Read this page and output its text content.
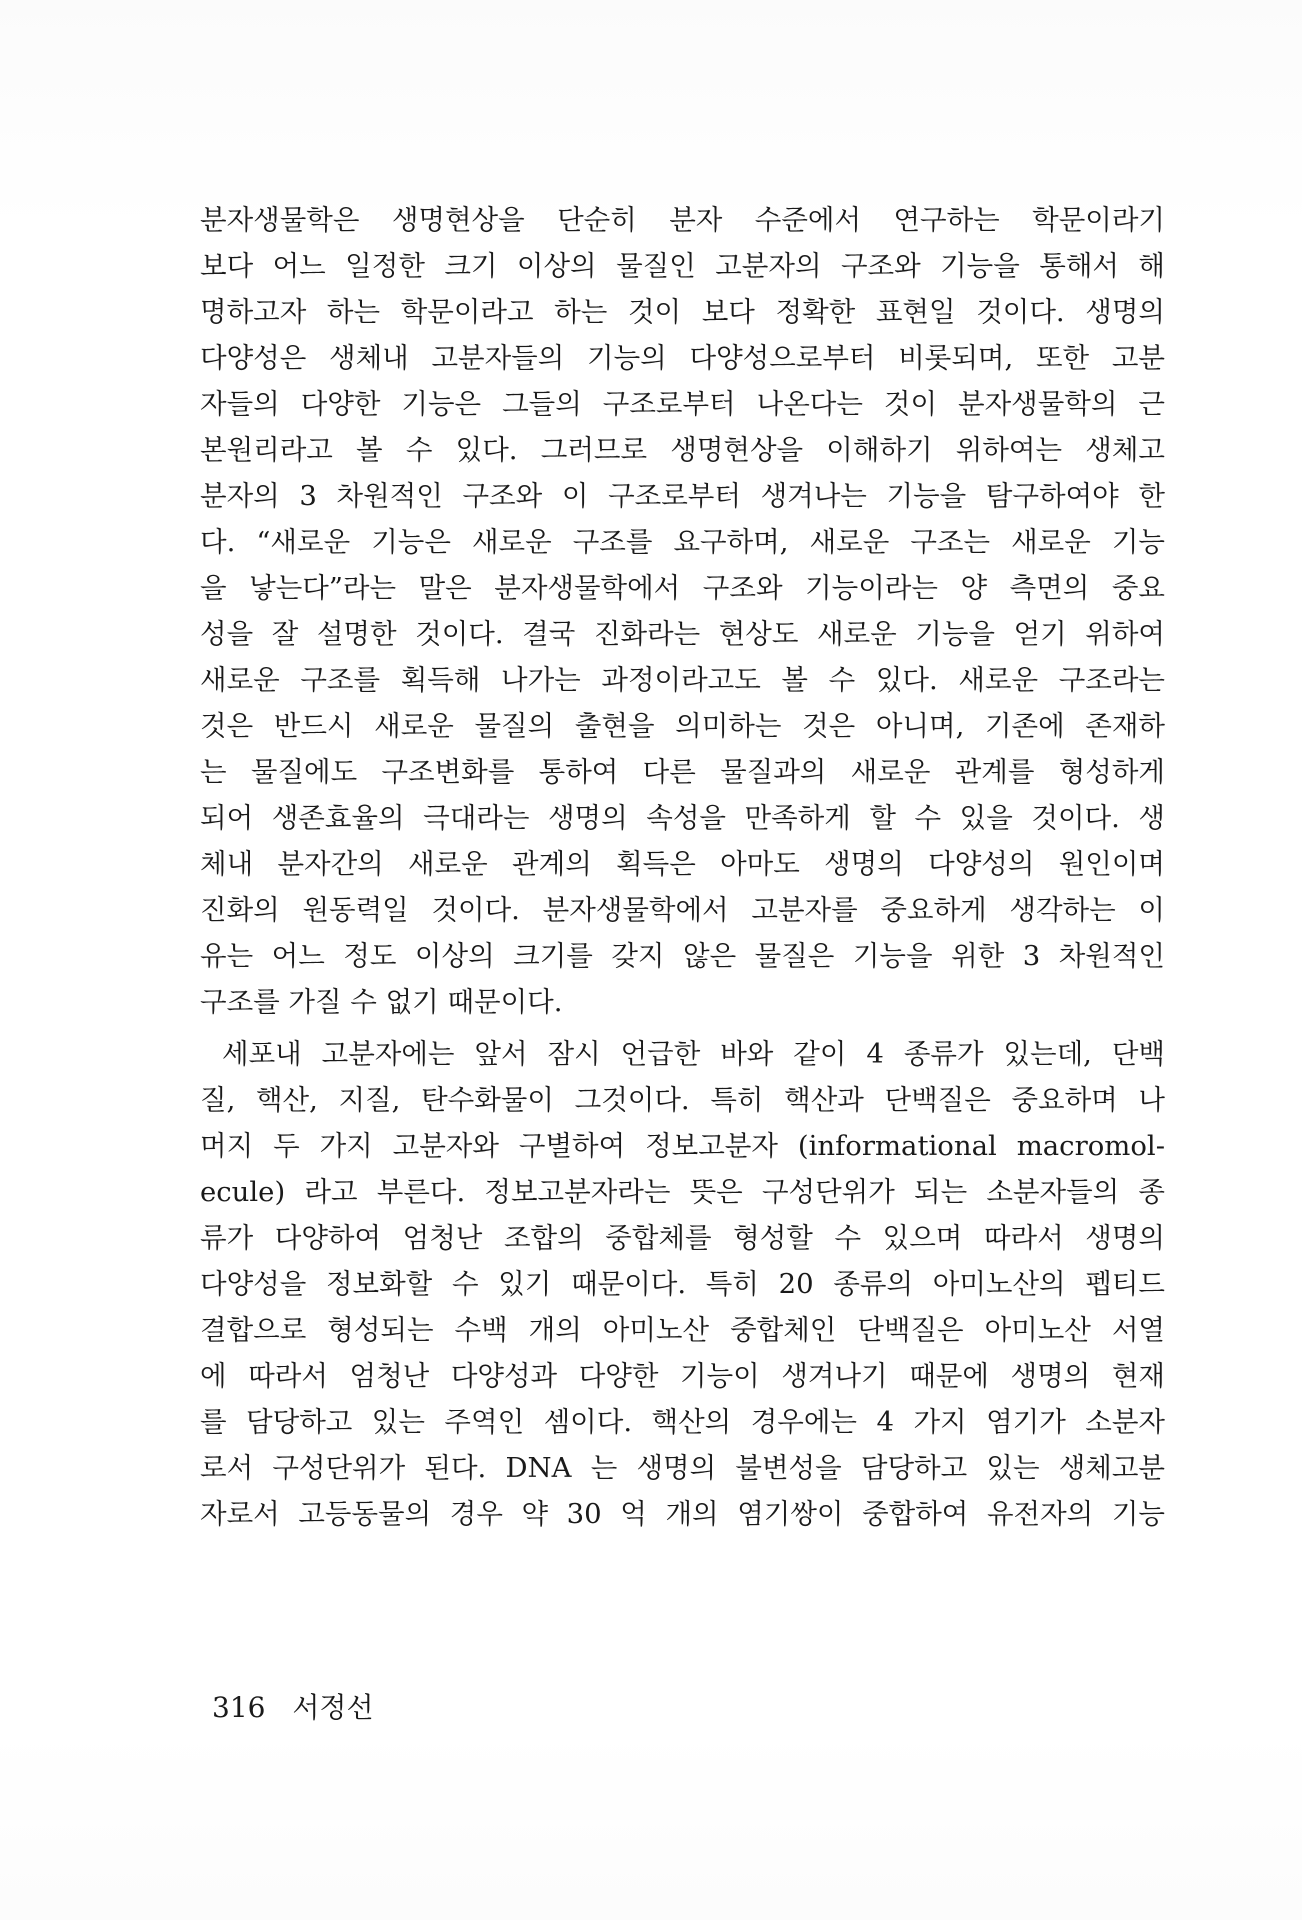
분자생물학은 생명현상을 단순히 분자 수준에서 연구하는 학문이라기
보다 어느 일정한 크기 이상의 물질인 고분자의 구조와 기능을 통해서 해
명하고자 하는 학문이라고 하는 것이 보다 정확한 표현일 것이다. 생명의
다양성은 생체내 고분자들의 기능의 다양성으로부터 비롯되며, 또한 고분
자들의 다양한 기능은 그들의 구조로부터 나온다는 것이 분자생물학의 근
본원리라고 볼 수 있다. 그러므로 생명현상을 이해하기 위하여는 생체고
분자의 3 차원적인 구조와 이 구조로부터 생겨나는 기능을 탐구하여야 한
다. “새로운 기능은 새로운 구조를 요구하며, 새로운 구조는 새로운 기능
을 낳는다”라는 말은 분자생물학에서 구조와 기능이라는 양 측면의 중요
성을 잘 설명한 것이다. 결국 진화라는 현상도 새로운 기능을 얻기 위하여
새로운 구조를 획득해 나가는 과정이라고도 볼 수 있다. 새로운 구조라는
것은 반드시 새로운 물질의 출현을 의미하는 것은 아니며, 기존에 존재하
는 물질에도 구조변화를 통하여 다른 물질과의 새로운 관계를 형성하게
되어 생존효율의 극대라는 생명의 속성을 만족하게 할 수 있을 것이다. 생
체내 분자간의 새로운 관계의 획득은 아마도 생명의 다양성의 원인이며
진화의 원동력일 것이다. 분자생물학에서 고분자를 중요하게 생각하는 이
유는 어느 정도 이상의 크기를 갖지 않은 물질은 기능을 위한 3 차원적인
구조를 가질 수 없기 때문이다.
세포내 고분자에는 앞서 잠시 언급한 바와 같이 4 종류가 있는데, 단백
질, 핵산, 지질, 탄수화물이 그것이다. 특히 핵산과 단백질은 중요하며 나
머지 두 가지 고분자와 구별하여 정보고분자 (informational macromol-
ecule) 라고 부른다. 정보고분자라는 뜻은 구성단위가 되는 소분자들의 종
류가 다양하여 엄청난 조합의 중합체를 형성할 수 있으며 따라서 생명의
다양성을 정보화할 수 있기 때문이다. 특히 20 종류의 아미노산의 펩티드
결합으로 형성되는 수백 개의 아미노산 중합체인 단백질은 아미노산 서열
에 따라서 엄청난 다양성과 다양한 기능이 생겨나기 때문에 생명의 현재
를 담당하고 있는 주역인 셈이다. 핵산의 경우에는 4 가지 염기가 소분자
로서 구성단위가 된다. DNA 는 생명의 불변성을 담당하고 있는 생체고분
자로서 고등동물의 경우 약 30 억 개의 염기쌍이 중합하여 유전자의 기능
316 서정선
